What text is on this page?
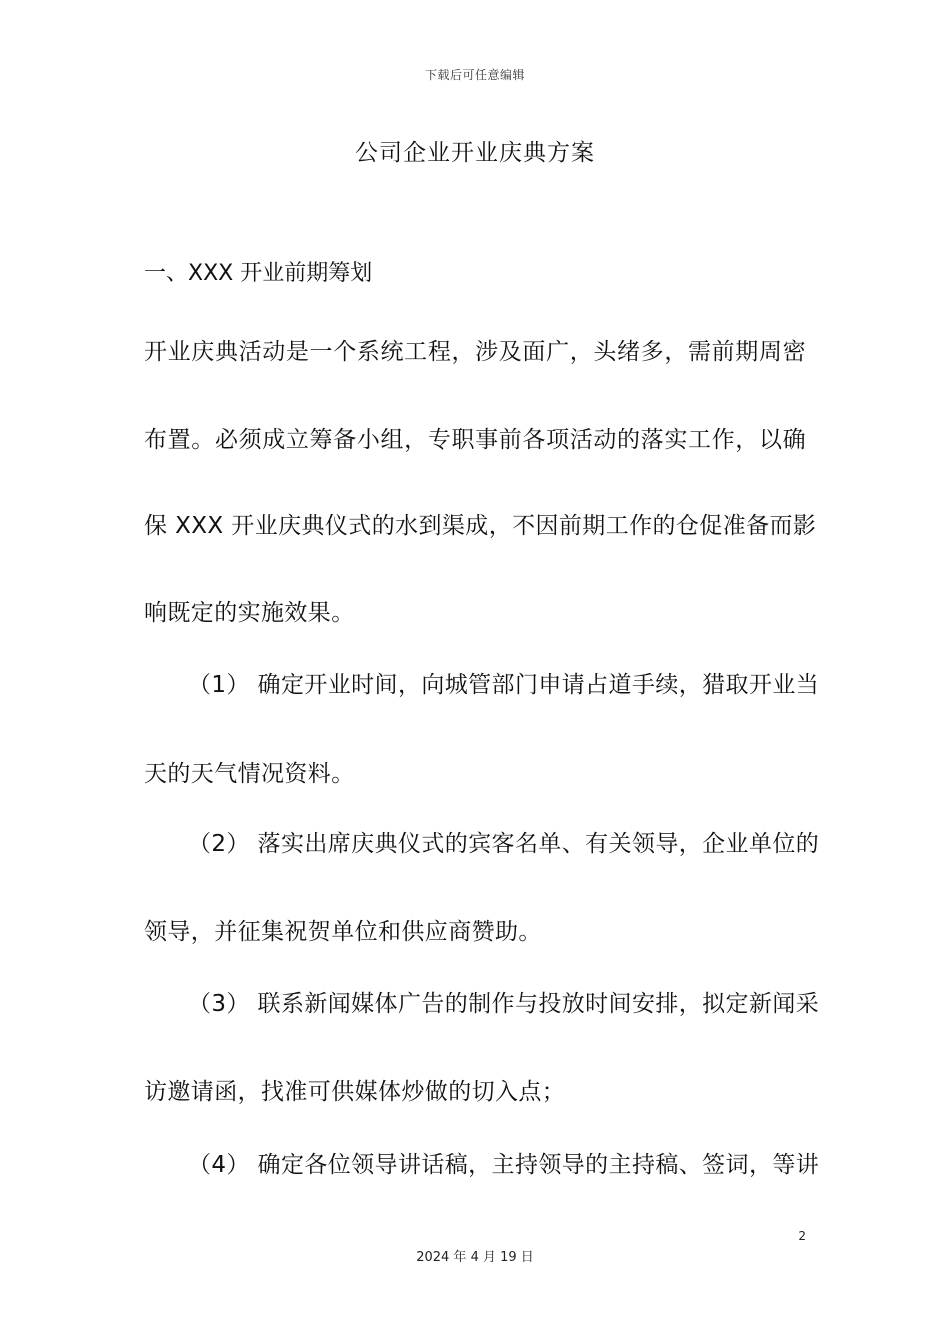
下载后可任意编辑
公司企业开业庆典方案
一、XXX 开业前期筹划
开业庆典活动是一个系统工程，涉及面广，头绪多，需前期周密
布置。必须成立筹备小组，专职事前各项活动的落实工作，以确
保 XXX 开业庆典仪式的水到渠成，不因前期工作的仓促准备而影
响既定的实施效果。
（1） 确定开业时间，向城管部门申请占道手续，猎取开业当
天的天气情况资料。
（2） 落实出席庆典仪式的宾客名单、有关领导，企业单位的
领导，并征集祝贺单位和供应商赞助。
（3） 联系新闻媒体广告的制作与投放时间安排，拟定新闻采
访邀请函，找准可供媒体炒做的切入点；
（4） 确定各位领导讲话稿，主持领导的主持稿、签词，等讲
2
2024 年 4 月 19 日
